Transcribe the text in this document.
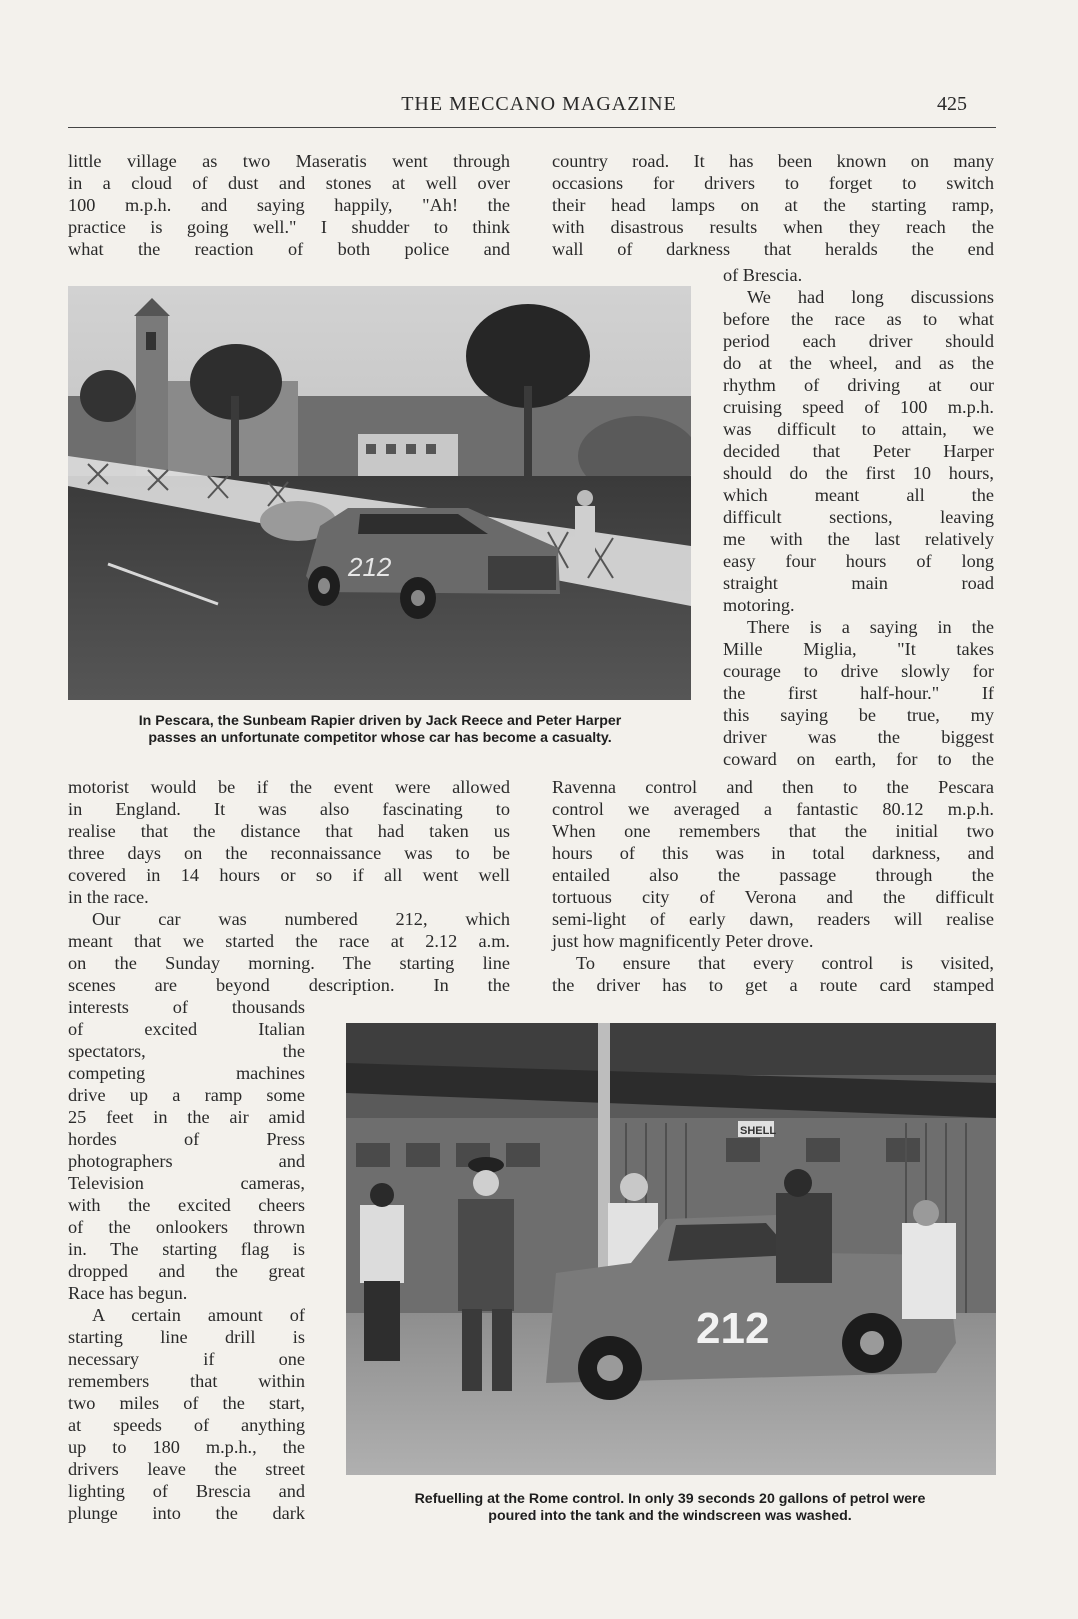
THE MECCANO MAGAZINE	425

little village as two Maseratis went through

in a cloud of dust and stones at well over

100 m.p.h. and saying happily, "Ah! the

practice is going well." I shudder to think

what the reaction of both police and

country road. It has been known on many

occasions for drivers to forget to switch

their head lamps on at the starting ramp,

with disastrous results when they reach the

wall of darkness that heralds the end

212

of Brescia.

We had long discussions

before the race as to what

period each driver should

do at the wheel, and as the

rhythm of driving at our

cruising speed of 100 m.p.h.

was difficult to attain, we

decided that Peter Harper

should do the first 10 hours,

which meant all the

difficult sections, leaving

me with the last relatively

easy four hours of long

straight main road

motoring.

There is a saying in the

Mille Miglia, "It takes

courage to drive slowly for

the first half-hour." If

this saying be true, my

driver was the biggest

coward on earth, for to the

In Pescara, the Sunbeam Rapier driven by Jack Reece and Peter Harper
passes an unfortunate competitor whose car has become a casualty.

motorist would be if the event were allowed

in England. It was also fascinating to

realise that the distance that had taken us

three days on the reconnaissance was to be

covered in 14 hours or so if all went well

in the race.

Our car was numbered 212, which

meant that we started the race at 2.12 a.m.

on the Sunday morning. The starting line

scenes are beyond description. In the

Ravenna control and then to the Pescara

control we averaged a fantastic 80.12 m.p.h.

When one remembers that the initial two

hours of this was in total darkness, and

entailed also the passage through the

tortuous city of Verona and the difficult

semi-light of early dawn, readers will realise

just how magnificently Peter drove.

To ensure that every control is visited,

the driver has to get a route card stamped

interests of thousands

of excited Italian

spectators, the

competing machines

drive up a ramp some

25 feet in the air amid

hordes of Press

photographers and

Television cameras,

with the excited cheers

of the onlookers thrown

in. The starting flag is

dropped and the great

Race has begun.

A certain amount of

starting line drill is

necessary if one

remembers that within

two miles of the start,

at speeds of anything

up to 180 m.p.h., the

drivers leave the street

lighting of Brescia and

plunge into the dark

SHELL
212
Refuelling at the Rome control. In only 39 seconds 20 gallons of petrol were
poured into the tank and the windscreen was washed.
